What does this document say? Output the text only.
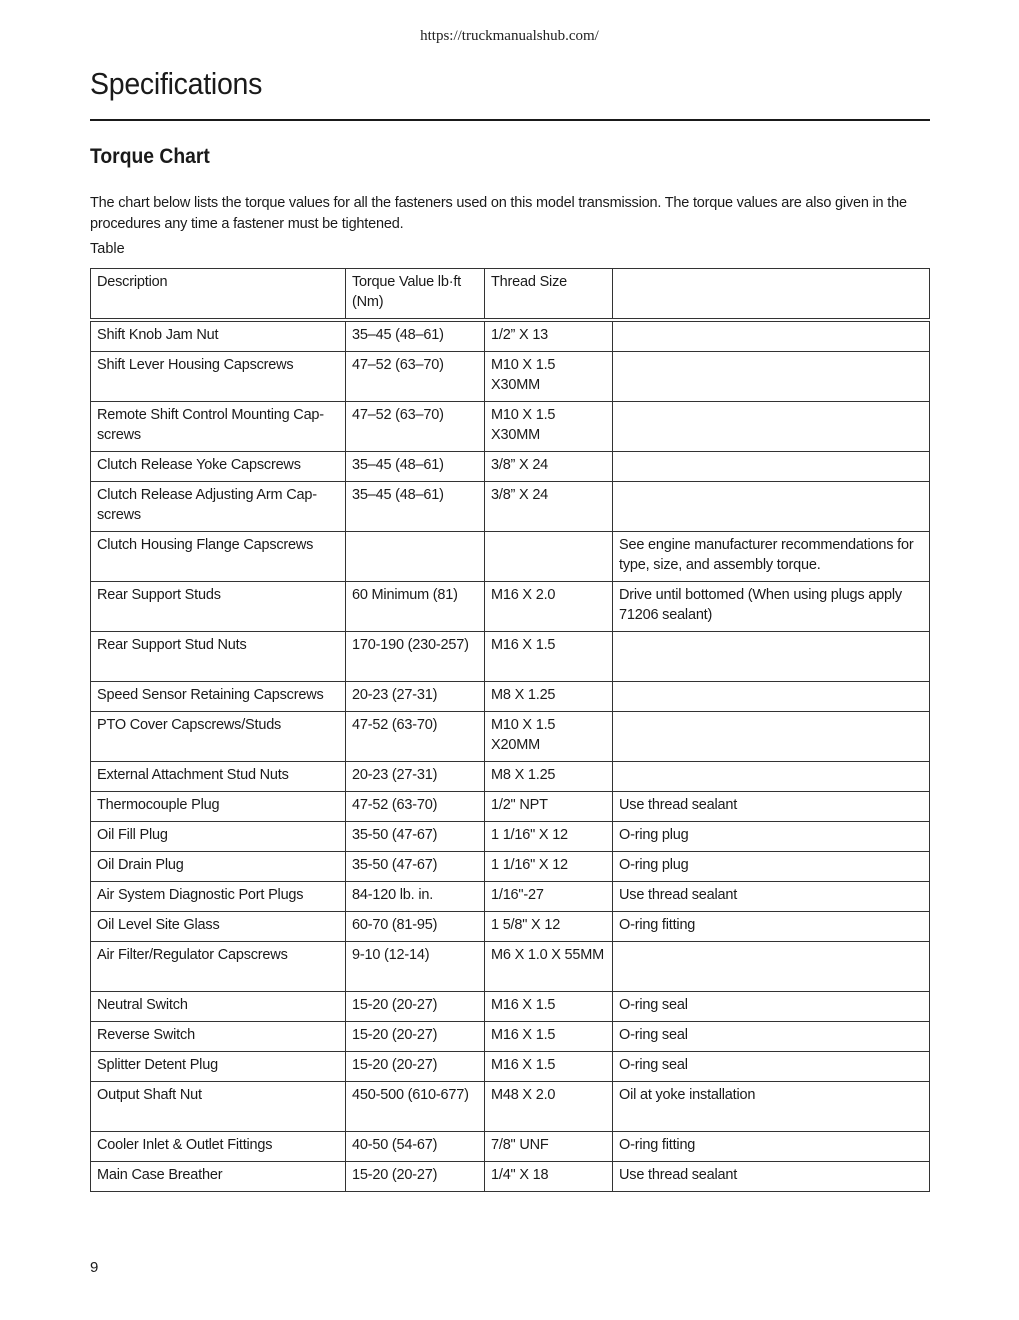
https://truckmanualshub.com/
Specifications
Torque Chart

The chart below lists the torque values for all the fasteners used on this model transmission. The torque values are also given in the procedures any time a fastener must be tightened.

Table

Description	Torque Value lb·ft (Nm)	Thread Size	
Shift Knob Jam Nut	35–45 (48–61)	1/2” X 13	
Shift Lever Housing Capscrews	47–52 (63–70)	M10 X 1.5 X30MM	
Remote Shift Control Mounting Cap-screws	47–52 (63–70)	M10 X 1.5 X30MM	
Clutch Release Yoke Capscrews	35–45 (48–61)	3/8” X 24	
Clutch Release Adjusting Arm Cap-screws	35–45 (48–61)	3/8” X 24	
Clutch Housing Flange Capscrews			See engine manufacturer recommendations for type, size, and assembly torque.
Rear Support Studs	60 Minimum (81)	M16 X 2.0	Drive until bottomed (When using plugs apply 71206 sealant)
Rear Support Stud Nuts	170-190 (230-257)	M16 X 1.5	
Speed Sensor Retaining Capscrews	20-23 (27-31)	M8 X 1.25	
PTO Cover Capscrews/Studs	47-52 (63-70)	M10 X 1.5 X20MM	
External Attachment Stud Nuts	20-23 (27-31)	M8 X 1.25	
Thermocouple Plug	47-52 (63-70)	1/2" NPT	Use thread sealant
Oil Fill Plug	35-50 (47-67)	1 1/16" X 12	O-ring plug
Oil Drain Plug	35-50 (47-67)	1 1/16" X 12	O-ring plug
Air System Diagnostic Port Plugs	84-120 lb. in.	1/16"-27	Use thread sealant
Oil Level Site Glass	60-70 (81-95)	1 5/8" X 12	O-ring fitting
Air Filter/Regulator Capscrews	9-10 (12-14)	M6 X 1.0 X 55MM	
Neutral Switch	15-20 (20-27)	M16 X 1.5	O-ring seal
Reverse Switch	15-20 (20-27)	M16 X 1.5	O-ring seal
Splitter Detent Plug	15-20 (20-27)	M16 X 1.5	O-ring seal
Output Shaft Nut	450-500 (610-677)	M48 X 2.0	Oil at yoke installation
Cooler Inlet & Outlet Fittings	40-50 (54-67)	7/8" UNF	O-ring fitting
Main Case Breather	15-20 (20-27)	1/4" X 18	Use thread sealant
9
